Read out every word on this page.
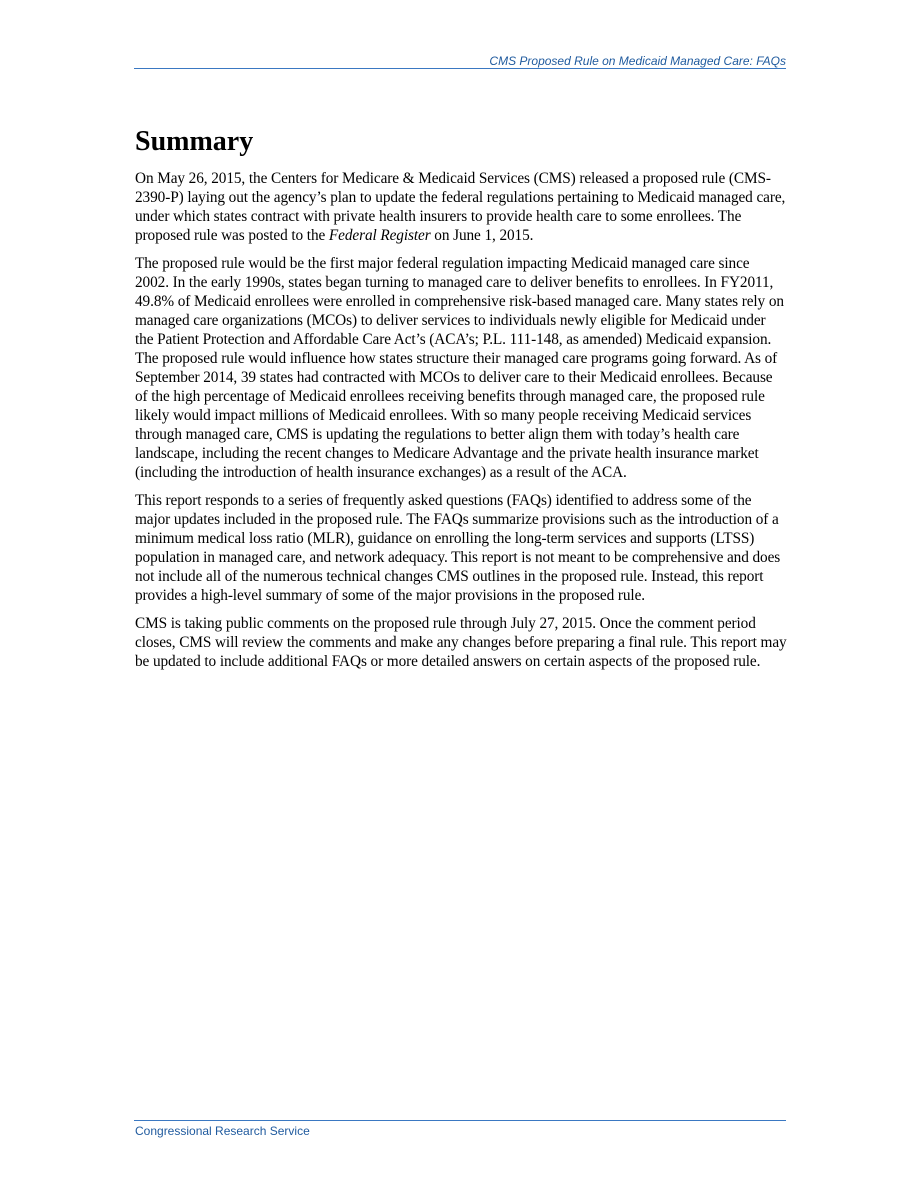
CMS Proposed Rule on Medicaid Managed Care: FAQs
Summary

On May 26, 2015, the Centers for Medicare & Medicaid Services (CMS) released a proposed rule (CMS-2390-P) laying out the agency’s plan to update the federal regulations pertaining to Medicaid managed care, under which states contract with private health insurers to provide health care to some enrollees. The proposed rule was posted to the Federal Register on June 1, 2015.

The proposed rule would be the first major federal regulation impacting Medicaid managed care since 2002. In the early 1990s, states began turning to managed care to deliver benefits to enrollees. In FY2011, 49.8% of Medicaid enrollees were enrolled in comprehensive risk-based managed care. Many states rely on managed care organizations (MCOs) to deliver services to individuals newly eligible for Medicaid under the Patient Protection and Affordable Care Act’s (ACA’s; P.L. 111-148, as amended) Medicaid expansion. The proposed rule would influence how states structure their managed care programs going forward. As of September 2014, 39 states had contracted with MCOs to deliver care to their Medicaid enrollees. Because of the high percentage of Medicaid enrollees receiving benefits through managed care, the proposed rule likely would impact millions of Medicaid enrollees. With so many people receiving Medicaid services through managed care, CMS is updating the regulations to better align them with today’s health care landscape, including the recent changes to Medicare Advantage and the private health insurance market (including the introduction of health insurance exchanges) as a result of the ACA.

This report responds to a series of frequently asked questions (FAQs) identified to address some of the major updates included in the proposed rule. The FAQs summarize provisions such as the introduction of a minimum medical loss ratio (MLR), guidance on enrolling the long-term services and supports (LTSS) population in managed care, and network adequacy. This report is not meant to be comprehensive and does not include all of the numerous technical changes CMS outlines in the proposed rule. Instead, this report provides a high-level summary of some of the major provisions in the proposed rule.

CMS is taking public comments on the proposed rule through July 27, 2015. Once the comment period closes, CMS will review the comments and make any changes before preparing a final rule. This report may be updated to include additional FAQs or more detailed answers on certain aspects of the proposed rule.

Congressional Research Service
